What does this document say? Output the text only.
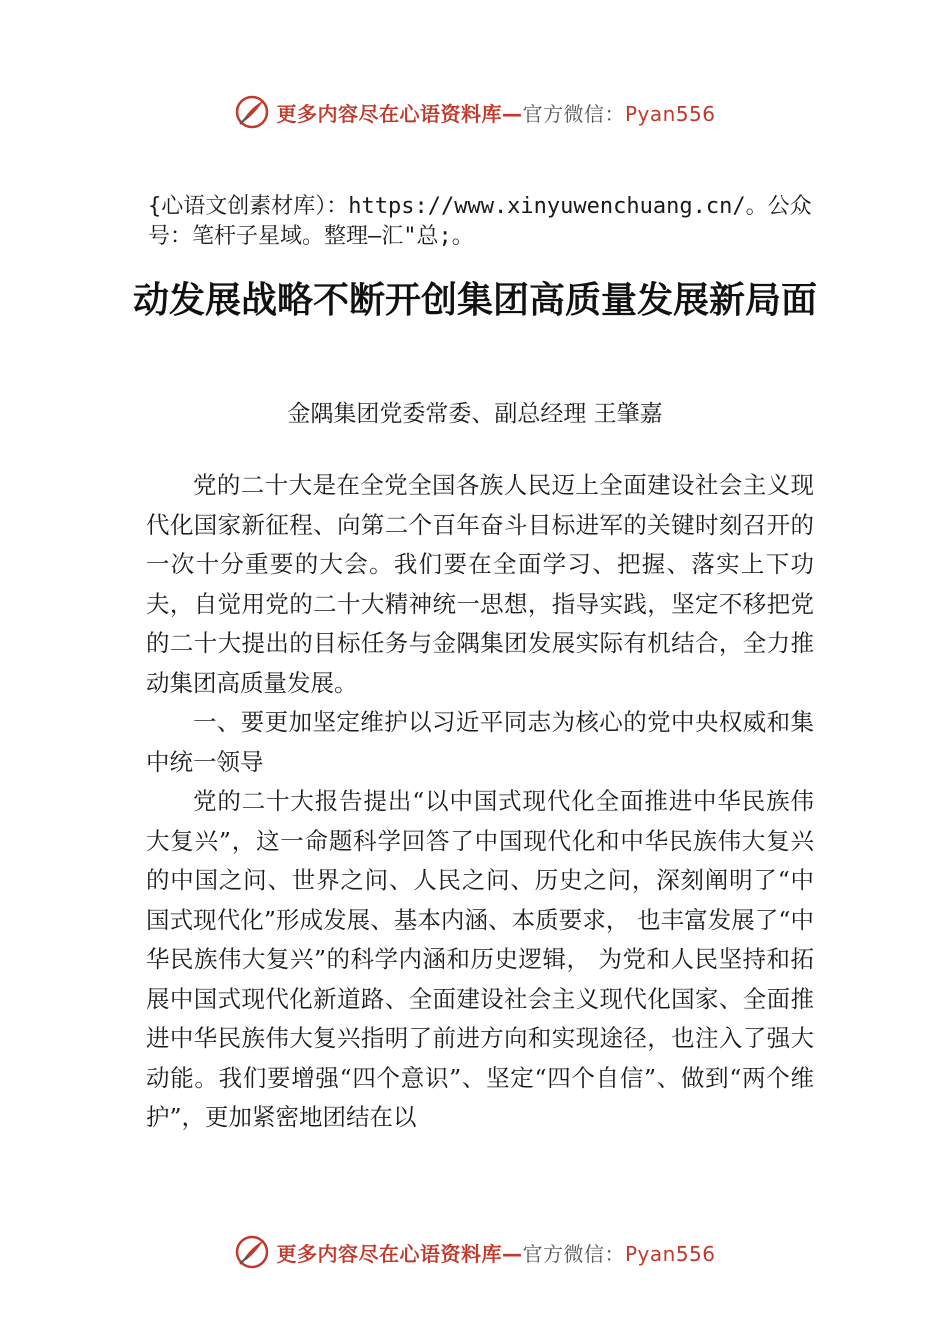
更多内容尽在心语资料库—官方微信：Pyan556
{心语文创素材库）：https://www.xinyuwenchuang.cn/。公众号：笔杆子星域。整理—汇"总;。
动发展战略不断开创集团高质量发展新局面
金隅集团党委常委、副总经理 王肇嘉

党的二十大是在全党全国各族人民迈上全面建设社会主义现代化国家新征程、向第二个百年奋斗目标进军的关键时刻召开的一次十分重要的大会。我们要在全面学习、把握、落实上下功夫，自觉用党的二十大精神统一思想，指导实践，坚定不移把党的二十大提出的目标任务与金隅集团发展实际有机结合，全力推动集团高质量发展。

一、要更加坚定维护以习近平同志为核心的党中央权威和集中统一领导

党的二十大报告提出“以中国式现代化全面推进中华民族伟大复兴”，这一命题科学回答了中国现代化和中华民族伟大复兴的中国之问、世界之问、人民之问、历史之问，深刻阐明了“中国式现代化”形成发展、基本内涵、本质要求， 也丰富发展了“中华民族伟大复兴”的科学内涵和历史逻辑， 为党和人民坚持和拓展中国式现代化新道路、全面建设社会主义现代化国家、全面推进中华民族伟大复兴指明了前进方向和实现途径，也注入了强大动能。我们要增强“四个意识”、坚定“四个自信”、做到“两个维护”，更加紧密地团结在以

更多内容尽在心语资料库—官方微信：Pyan556
